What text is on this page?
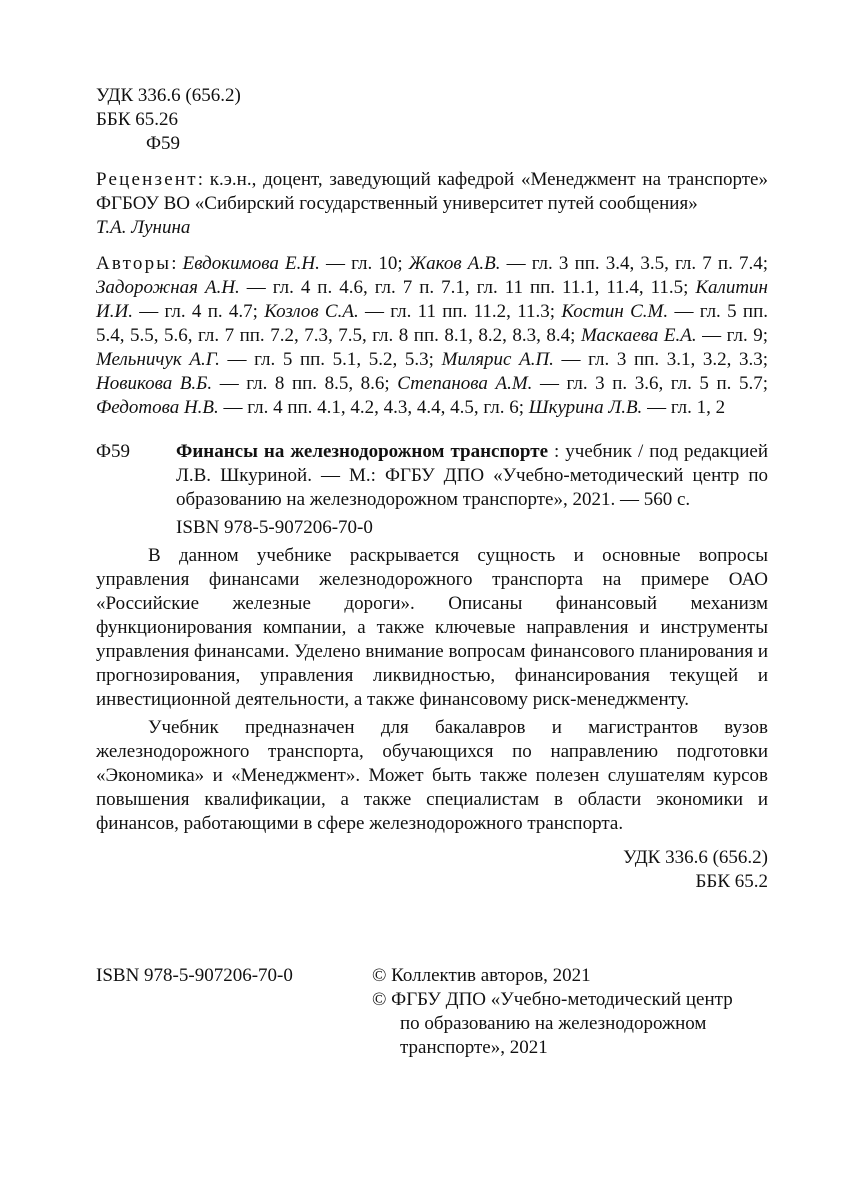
УДК 336.6 (656.2)
ББК 65.26
Ф59
Рецензент: к.э.н., доцент, заведующий кафедрой «Менеджмент на транспорте» ФГБОУ ВО «Сибирский государственный университет путей сообщения»
Т.А. Лунина
Авторы: Евдокимова Е.Н. — гл. 10; Жаков А.В. — гл. 3 пп. 3.4, 3.5, гл. 7 п. 7.4; Задорожная А.Н. — гл. 4 п. 4.6, гл. 7 п. 7.1, гл. 11 пп. 11.1, 11.4, 11.5; Калитин И.И. — гл. 4 п. 4.7; Козлов С.А. — гл. 11 пп. 11.2, 11.3; Костин С.М. — гл. 5 пп. 5.4, 5.5, 5.6, гл. 7 пп. 7.2, 7.3, 7.5, гл. 8 пп. 8.1, 8.2, 8.3, 8.4; Маскаева Е.А. — гл. 9; Мельничук А.Г. — гл. 5 пп. 5.1, 5.2, 5.3; Милярис А.П. — гл. 3 пп. 3.1, 3.2, 3.3; Новикова В.Б. — гл. 8 пп. 8.5, 8.6; Степанова А.М. — гл. 3 п. 3.6, гл. 5 п. 5.7; Федотова Н.В. — гл. 4 пп. 4.1, 4.2, 4.3, 4.4, 4.5, гл. 6; Шкурина Л.В. — гл. 1, 2
Ф59 Финансы на железнодорожном транспорте : учебник / под редакцией Л.В. Шкуриной. — М.: ФГБУ ДПО «Учебно-методический центр по образованию на железнодорожном транспорте», 2021. — 560 с.
ISBN 978-5-907206-70-0

В данном учебнике раскрывается сущность и основные вопросы управления финансами железнодорожного транспорта на примере ОАО «Российские железные дороги». Описаны финансовый механизм функционирования компании, а также ключевые направления и инструменты управления финансами. Уделено внимание вопросам финансового планирования и прогнозирования, управления ликвидностью, финансирования текущей и инвестиционной деятельности, а также финансовому риск-менеджменту.

Учебник предназначен для бакалавров и магистрантов вузов железнодорожного транспорта, обучающихся по направлению подготовки «Экономика» и «Менеджмент». Может быть также полезен слушателям курсов повышения квалификации, а также специалистам в области экономики и финансов, работающими в сфере железнодорожного транспорта.

УДК 336.6 (656.2)
ББК 65.2
ISBN 978-5-907206-70-0	© Коллектив авторов, 2021
© ФГБУ ДПО «Учебно-методический центр
по образованию на железнодорожном
транспорте», 2021
